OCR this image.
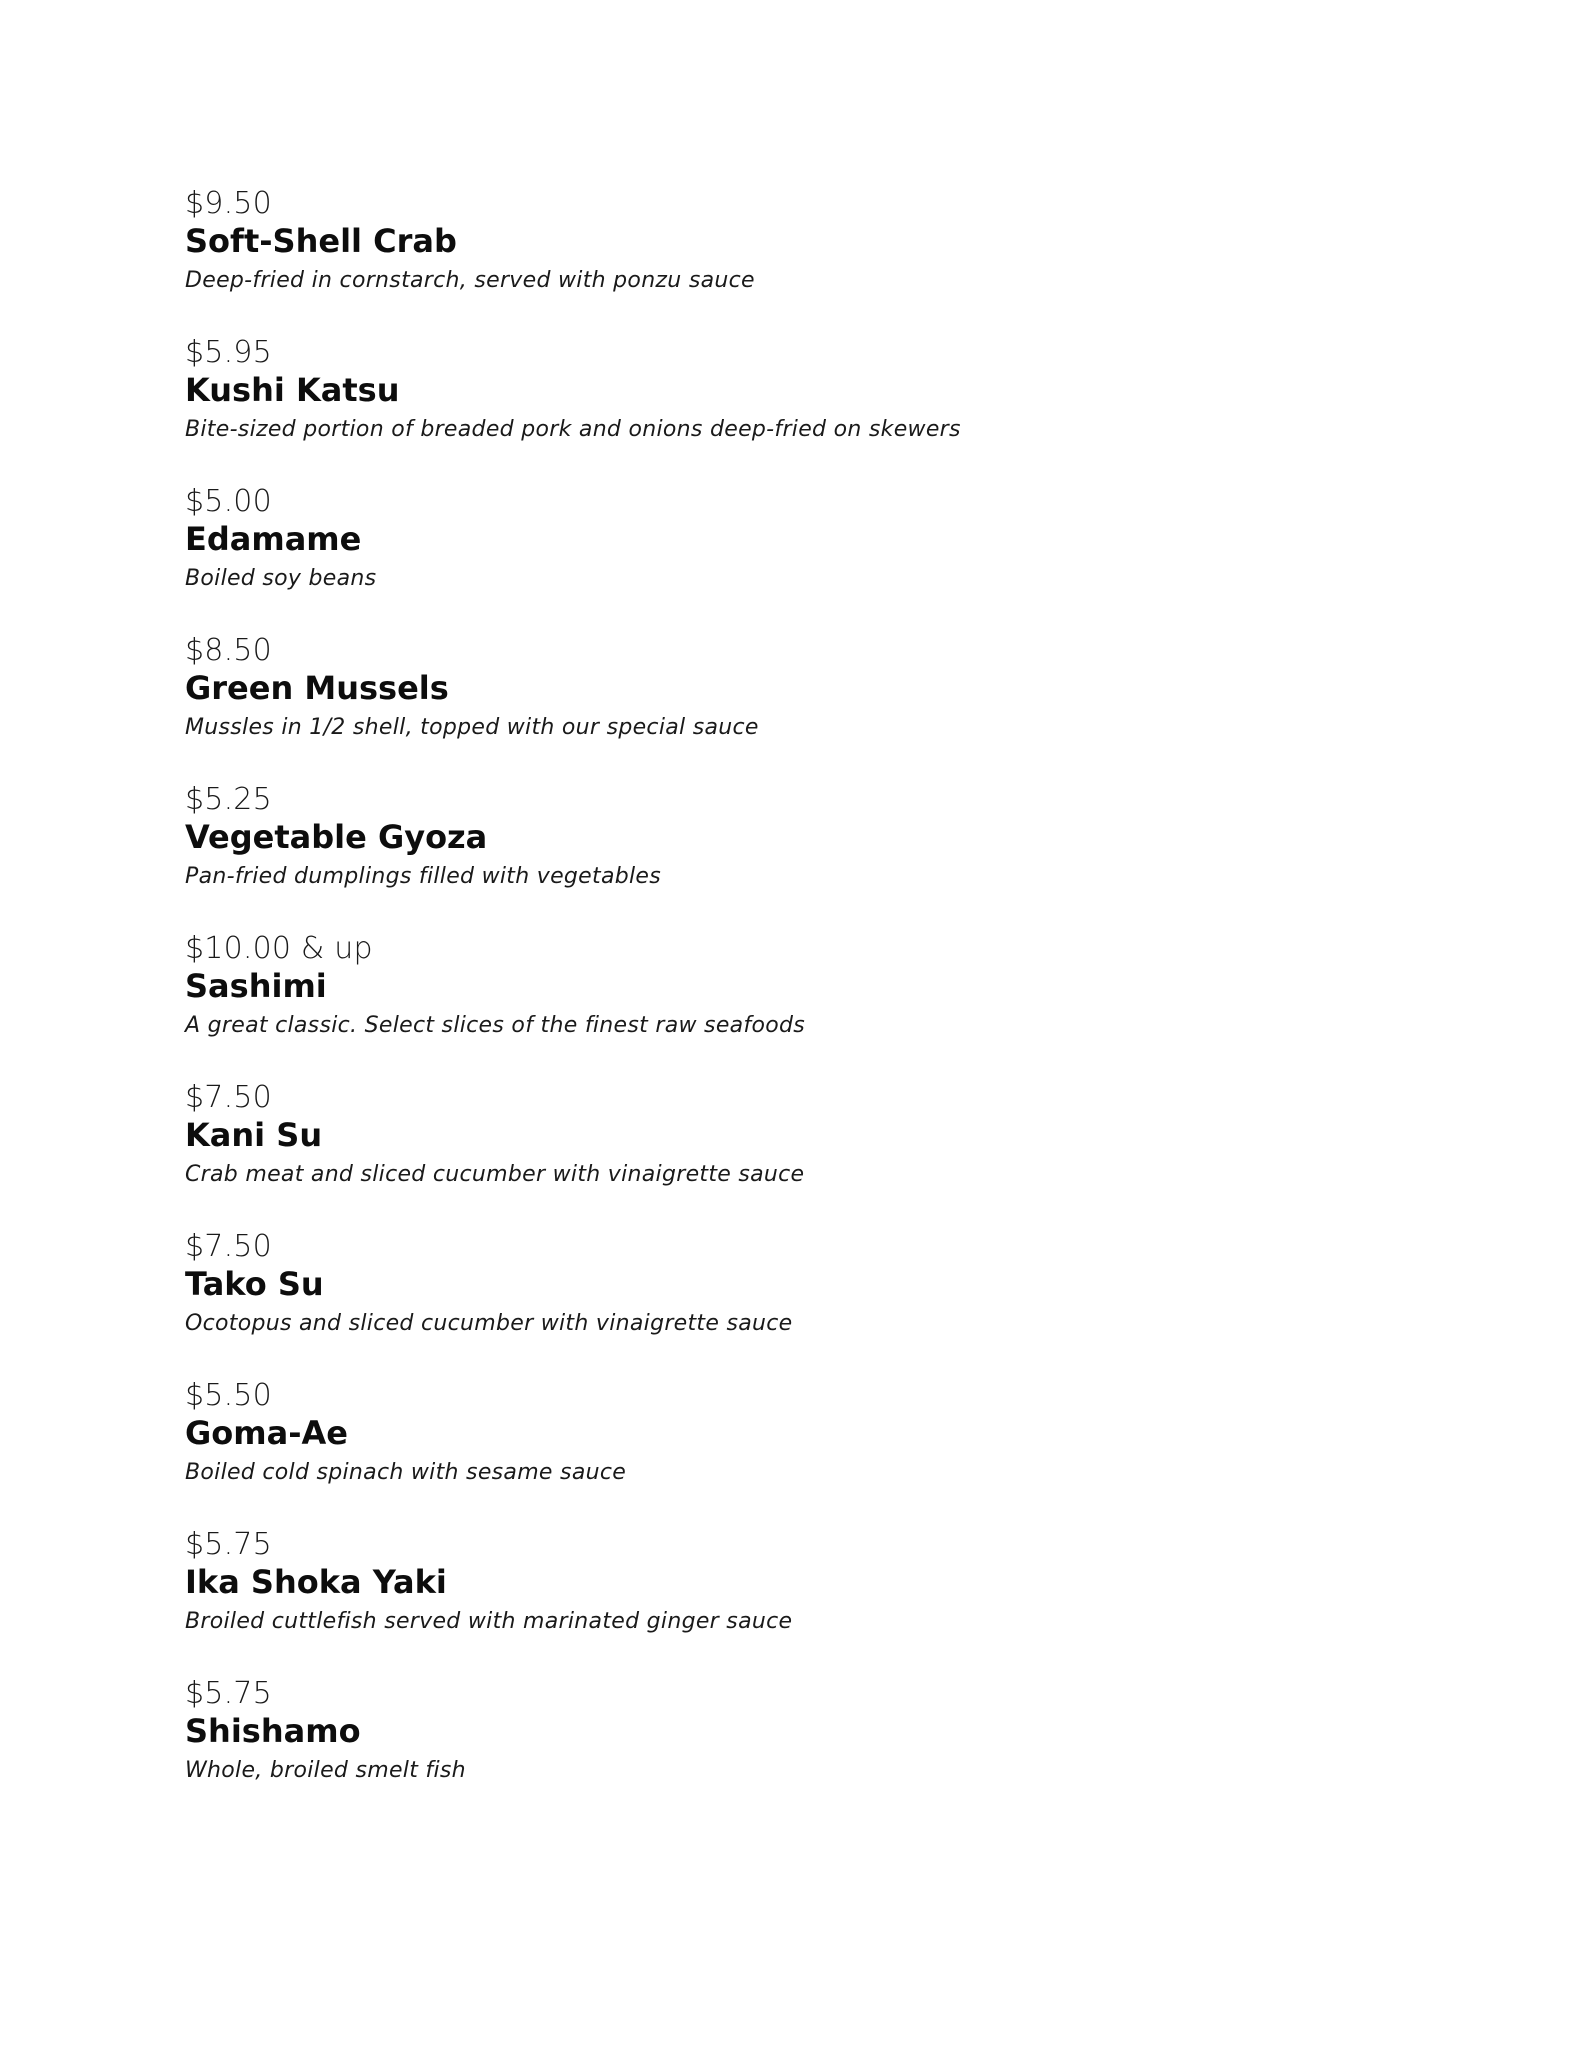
$9.50
Soft-Shell Crab
Deep-fried in cornstarch, served with ponzu sauce
$5.95
Kushi Katsu
Bite-sized portion of breaded pork and onions deep-fried on skewers
$5.00
Edamame
Boiled soy beans
$8.50
Green Mussels
Mussles in 1/2 shell, topped with our special sauce
$5.25
Vegetable Gyoza
Pan-fried dumplings filled with vegetables
$10.00 & up
Sashimi
A great classic. Select slices of the finest raw seafoods
$7.50
Kani Su
Crab meat and sliced cucumber with vinaigrette sauce
$7.50
Tako Su
Ocotopus and sliced cucumber with vinaigrette sauce
$5.50
Goma-Ae
Boiled cold spinach with sesame sauce
$5.75
Ika Shoka Yaki
Broiled cuttlefish served with marinated ginger sauce
$5.75
Shishamo
Whole, broiled smelt fish
